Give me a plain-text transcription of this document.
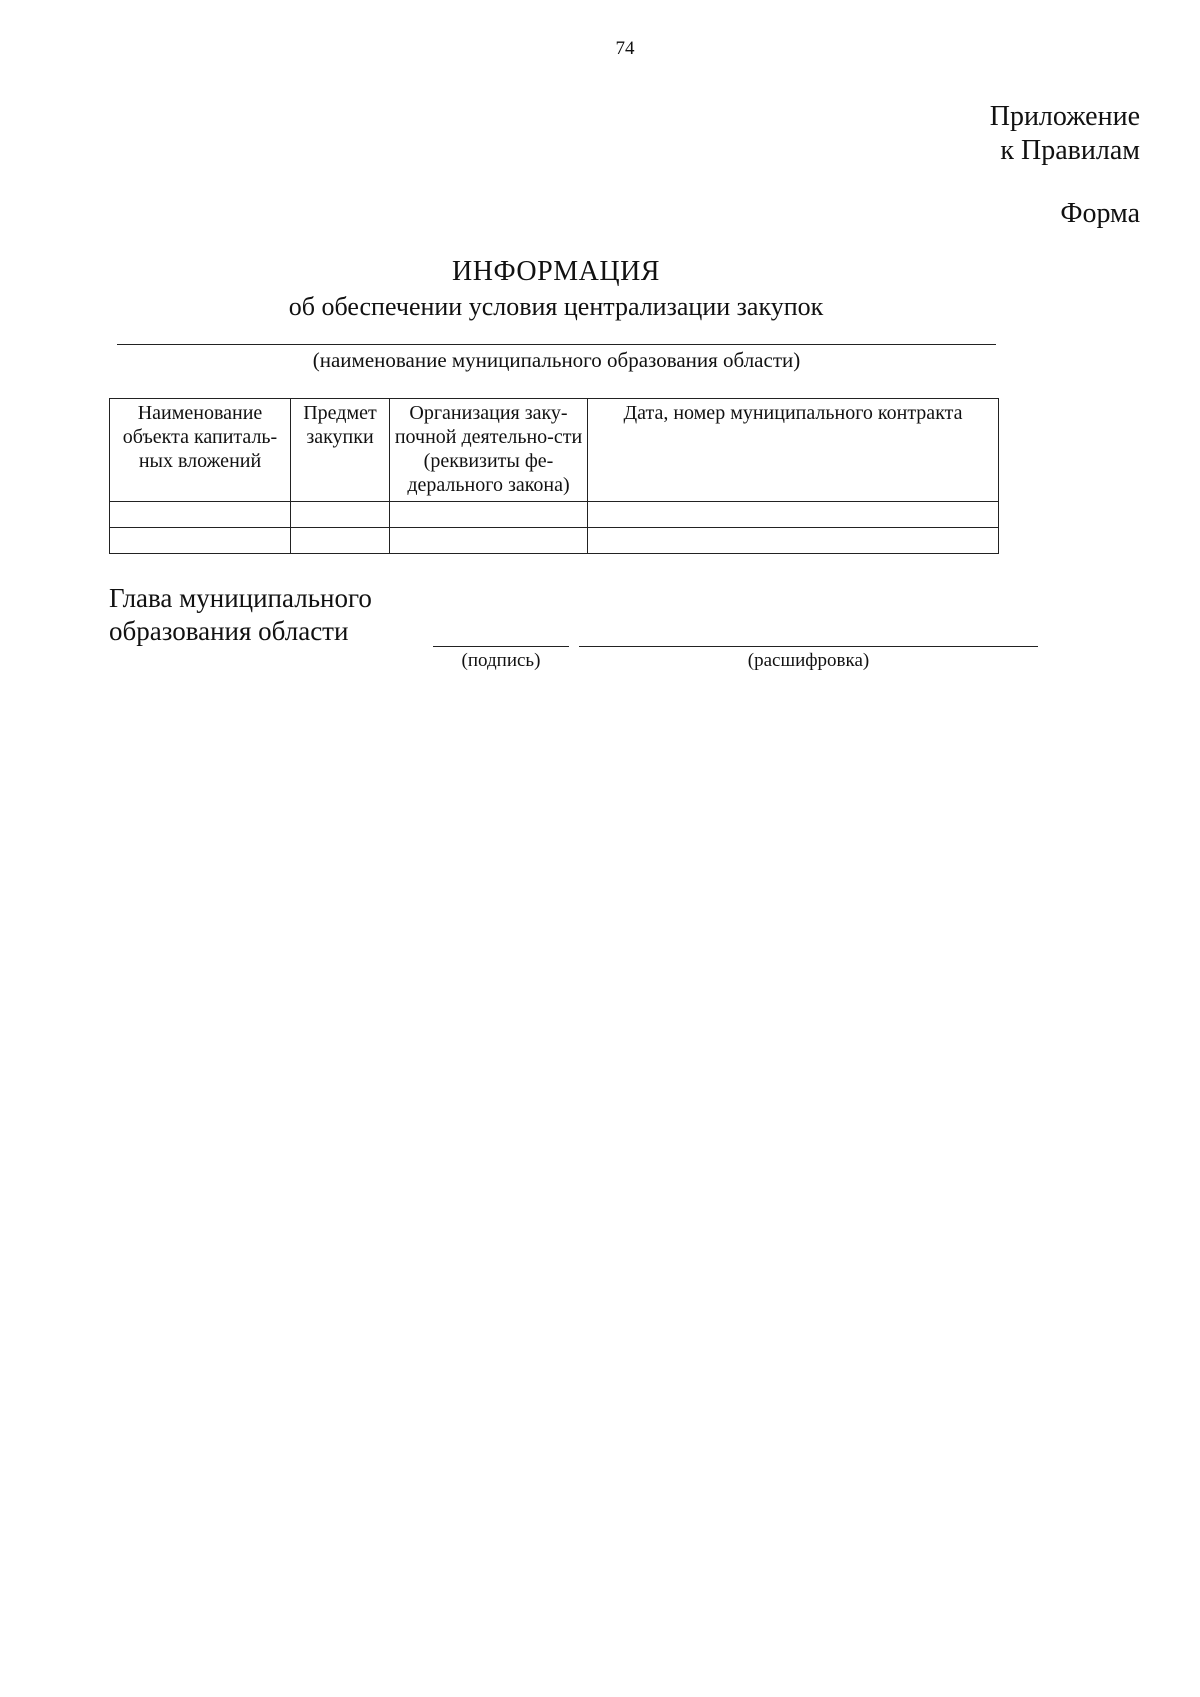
74
Приложение
к Правилам
Форма
ИНФОРМАЦИЯ
об обеспечении условия централизации закупок
(наименование муниципального образования области)
Наименование объекта капиталь-ных вложений	Предмет закупки	Организация заку-почной деятельно-сти (реквизиты фе-дерального закона)	Дата, номер муниципального контракта

Глава муниципального
образования области
(подпись)	(расшифровка)
